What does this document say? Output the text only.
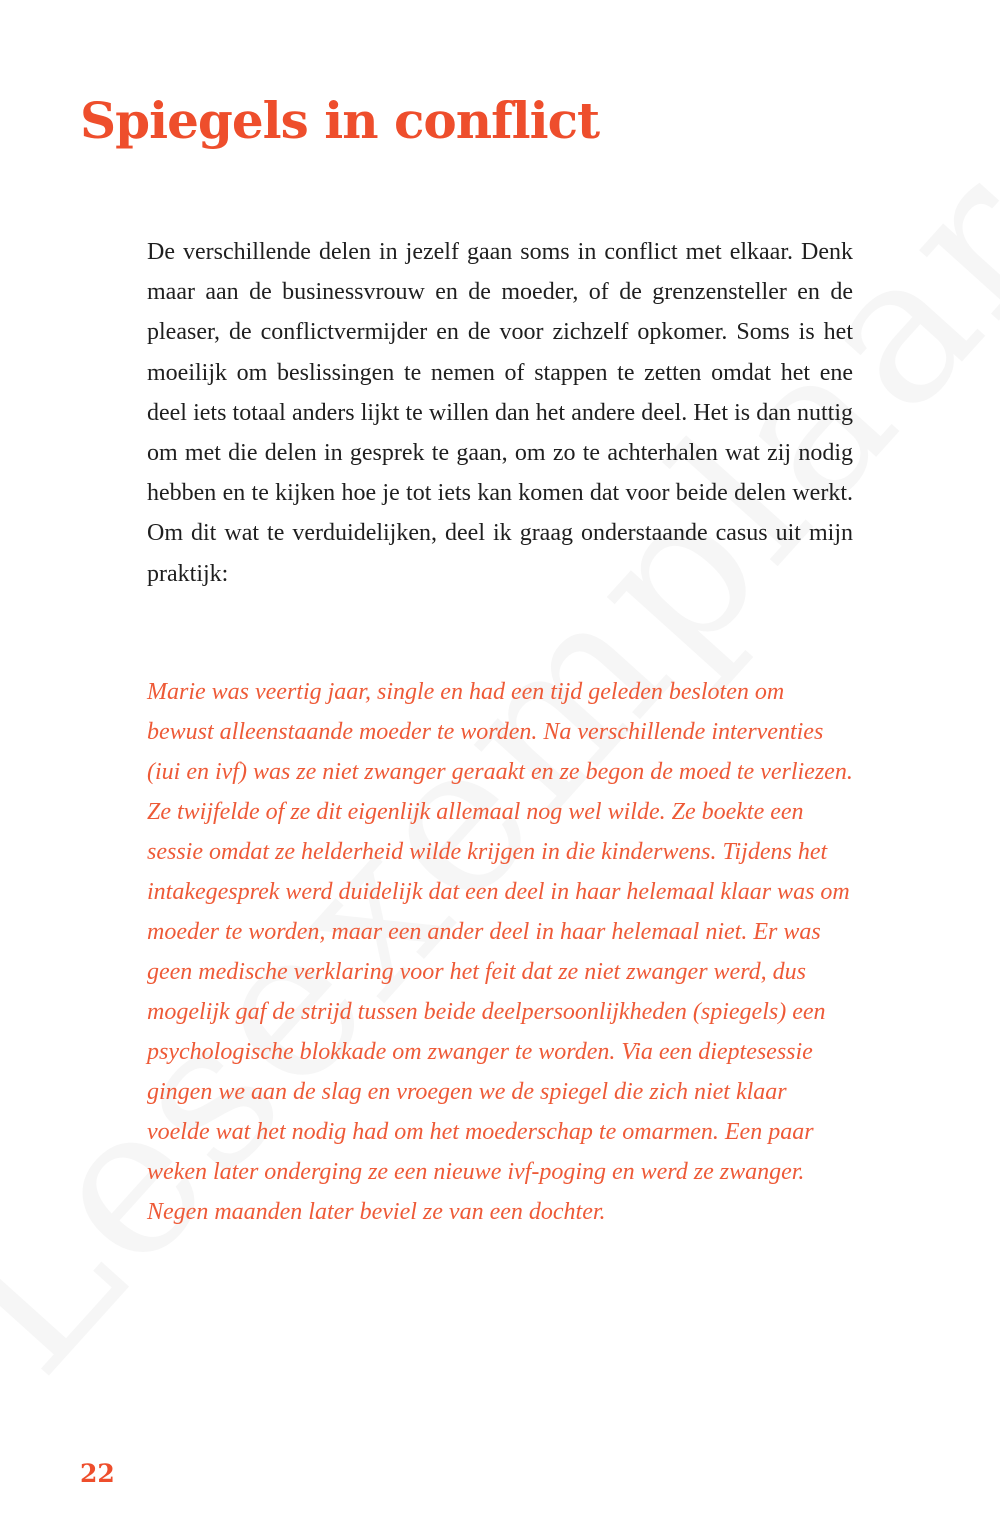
Spiegels in conflict

De verschillende delen in jezelf gaan soms in conflict met elkaar. Denk maar aan de businessvrouw en de moeder, of de grenzensteller en de pleaser, de conflictvermijder en de voor zichzelf opkomer. Soms is het moeilijk om beslissingen te nemen of stappen te zetten omdat het ene deel iets totaal anders lijkt te willen dan het andere deel. Het is dan nuttig om met die delen in gesprek te gaan, om zo te achterhalen wat zij nodig hebben en te kijken hoe je tot iets kan komen dat voor beide delen werkt. Om dit wat te verduidelijken, deel ik graag onderstaande casus uit mijn praktijk:

Marie was veertig jaar, single en had een tijd geleden besloten om bewust alleenstaande moeder te worden. Na verschillende interventies (iui en ivf) was ze niet zwanger geraakt en ze begon de moed te verliezen. Ze twijfelde of ze dit eigenlijk allemaal nog wel wilde. Ze boekte een sessie omdat ze helderheid wilde krijgen in die kinderwens. Tijdens het intakegesprek werd duidelijk dat een deel in haar helemaal klaar was om moeder te worden, maar een ander deel in haar helemaal niet. Er was geen medische verklaring voor het feit dat ze niet zwanger werd, dus mogelijk gaf de strijd tussen beide deelpersoonlijkheden (spiegels) een psychologische blokkade om zwanger te worden. Via een dieptesessie gingen we aan de slag en vroegen we de spiegel die zich niet klaar voelde wat het nodig had om het moederschap te omarmen. Een paar weken later onderging ze een nieuwe ivf-poging en werd ze zwanger. Negen maanden later beviel ze van een dochter.

22
